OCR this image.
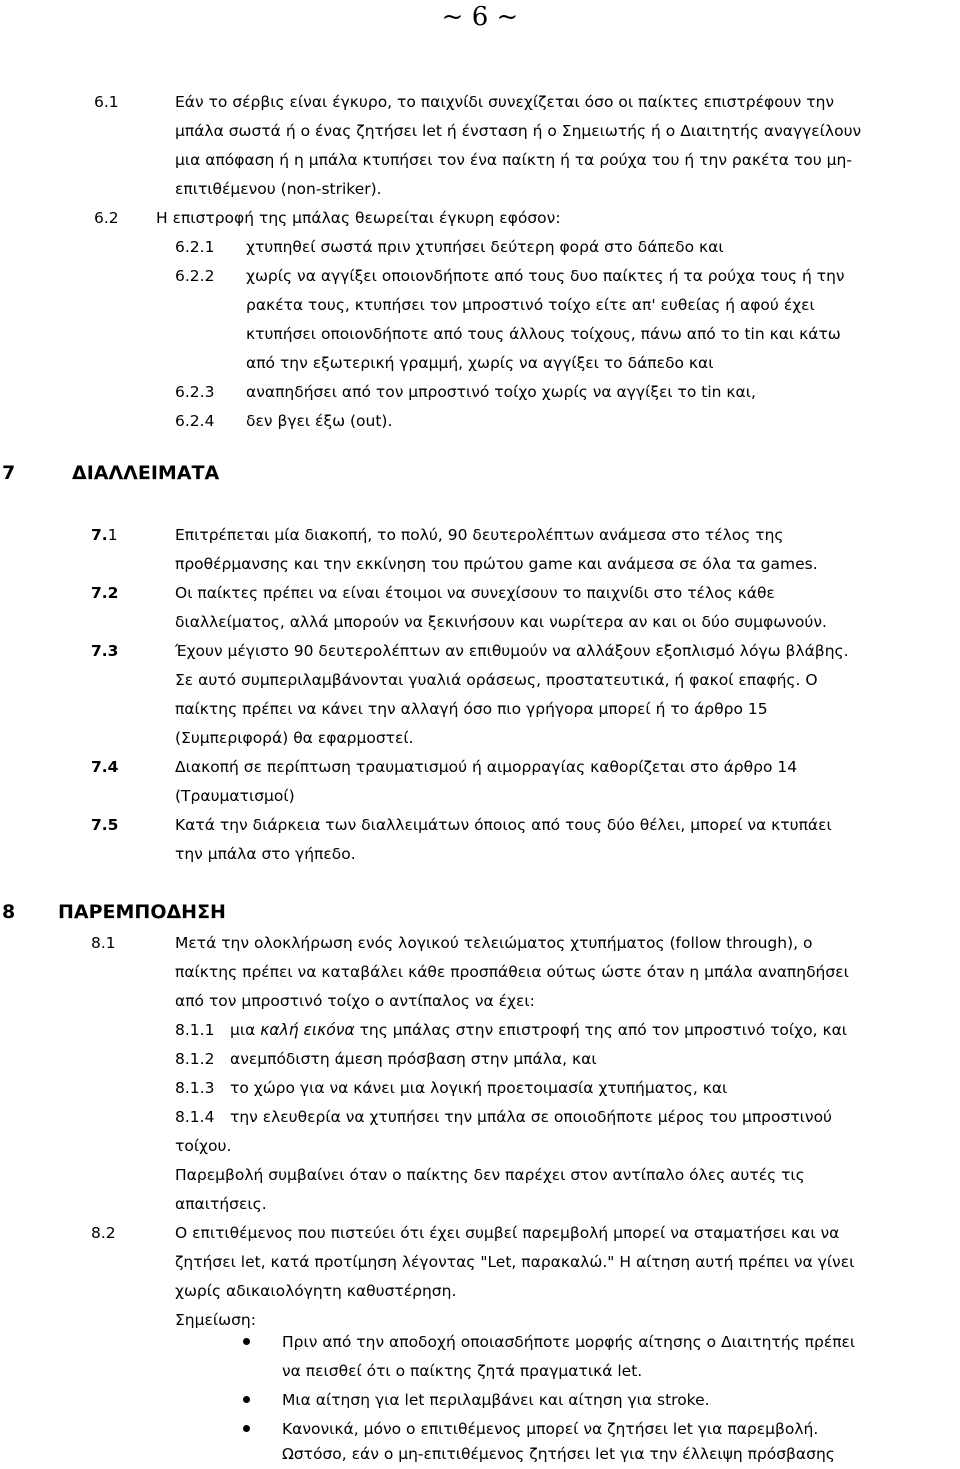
~ 6 ~
6.1	Εάν το σέρβις είναι έγκυρο, το παιχνίδι συνεχίζεται όσο οι παίκτες επιστρέφουν την
μπάλα σωστά ή ο ένας ζητήσει let ή ένσταση ή ο Σημειωτής ή ο Διαιτητής αναγγείλουν
μια απόφαση ή η μπάλα κτυπήσει τον ένα παίκτη ή τα ρούχα του ή την ρακέτα του μη-
επιτιθέμενου (non-striker).
6.2 Η επιστροφή της μπάλας θεωρείται έγκυρη εφόσον:
6.2.1 χτυπηθεί σωστά πριν χτυπήσει δεύτερη φορά στο δάπεδο και
6.2.2 χωρίς να αγγίξει οποιονδήποτε από τους δυο παίκτες ή τα ρούχα τους ή την
ρακέτα τους, κτυπήσει τον μπροστινό τοίχο είτε απ' ευθείας ή αφού έχει
κτυπήσει οποιονδήποτε από τους άλλους τοίχους, πάνω από το tin και κάτω
από την εξωτερική γραμμή, χωρίς να αγγίξει το δάπεδο και
6.2.3 αναπηδήσει από τον μπροστινό τοίχο χωρίς να αγγίξει το tin και,
6.2.4 δεν βγει έξω (out).
7	ΔΙΑΛΛΕΙΜΑΤΑ
7.1	Επιτρέπεται μία διακοπή, το πολύ, 90 δευτερολέπτων ανάμεσα στο τέλος της
προθέρμανσης και την εκκίνηση του πρώτου game και ανάμεσα σε όλα τα games.
7.2	Οι παίκτες πρέπει να είναι έτοιμοι να συνεχίσουν το παιχνίδι στο τέλος κάθε
διαλλείματος, αλλά μπορούν να ξεκινήσουν και νωρίτερα αν και οι δύο συμφωνούν.
7.3	Έχουν μέγιστο 90 δευτερολέπτων αν επιθυμούν να αλλάξουν εξοπλισμό λόγω βλάβης.
Σε αυτό συμπεριλαμβάνονται γυαλιά οράσεως, προστατευτικά, ή φακοί επαφής. Ο
παίκτης πρέπει να κάνει την αλλαγή όσο πιο γρήγορα μπορεί ή το άρθρο 15
(Συμπεριφορά) θα εφαρμοστεί.
7.4	Διακοπή σε περίπτωση τραυματισμού ή αιμορραγίας καθορίζεται στο άρθρο 14
(Τραυματισμοί)
7.5	Κατά την διάρκεια των διαλλειμάτων όποιος από τους δύο θέλει, μπορεί να κτυπάει
την μπάλα στο γήπεδο.
8 ΠΑΡΕΜΠΟΔΗΣΗ
8.1	Μετά την ολοκλήρωση ενός λογικού τελειώματος χτυπήματος (follow through), ο
παίκτης πρέπει να καταβάλει κάθε προσπάθεια ούτως ώστε όταν η μπάλα αναπηδήσει
από τον μπροστινό τοίχο ο αντίπαλος να έχει:
8.1.1 μια καλή εικόνα της μπάλας στην επιστροφή της από τον μπροστινό τοίχο, και
8.1.2 ανεμπόδιστη άμεση πρόσβαση στην μπάλα, και
8.1.3 το χώρο για να κάνει μια λογική προετοιμασία χτυπήματος, και
8.1.4 την ελευθερία να χτυπήσει την μπάλα σε οποιοδήποτε μέρος του μπροστινού
τοίχου.
Παρεμβολή συμβαίνει όταν ο παίκτης δεν παρέχει στον αντίπαλο όλες αυτές τις
απαιτήσεις.
8.2	Ο επιτιθέμενος που πιστεύει ότι έχει συμβεί παρεμβολή μπορεί να σταματήσει και να
ζητήσει let, κατά προτίμηση λέγοντας "Let, παρακαλώ." Η αίτηση αυτή πρέπει να γίνει
χωρίς αδικαιολόγητη καθυστέρηση.
Σημείωση:
Πριν από την αποδοχή οποιασδήποτε μορφής αίτησης ο Διαιτητής πρέπει
να πεισθεί ότι ο παίκτης ζητά πραγματικά let.
Μια αίτηση για let περιλαμβάνει και αίτηση για stroke.
Κανονικά, μόνο ο επιτιθέμενος μπορεί να ζητήσει let για παρεμβολή.
Ωστόσο, εάν ο μη-επιτιθέμενος ζητήσει let για την έλλειψη πρόσβασης
